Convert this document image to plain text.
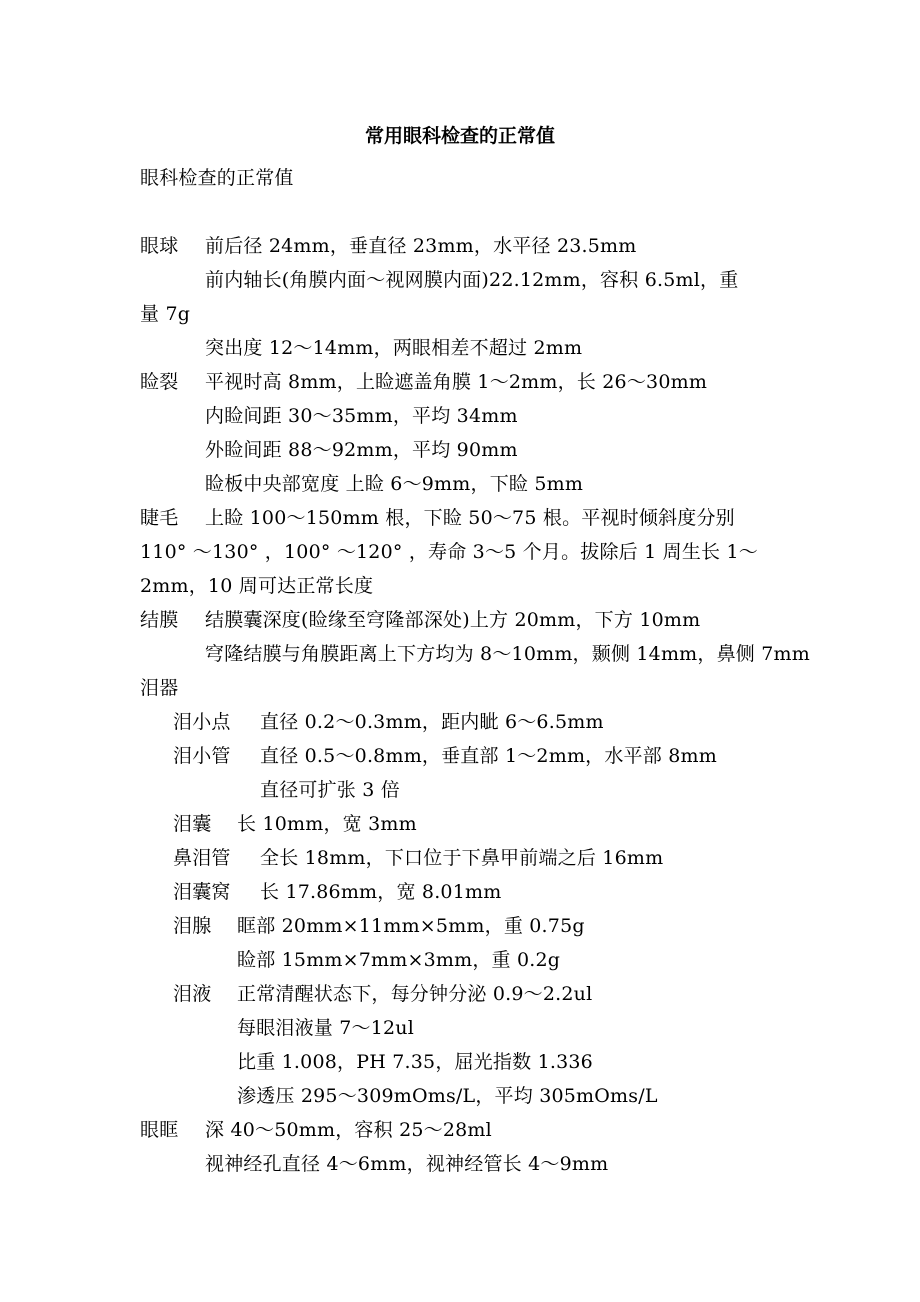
常用眼科检查的正常值
眼科检查的正常值
眼球 前后径 24mm，垂直径 23mm，水平径 23.5mm
前内轴长(角膜内面～视网膜内面)22.12mm，容积 6.5ml，重
量 7g
突出度 12～14mm，两眼相差不超过 2mm
睑裂 平视时高 8mm，上睑遮盖角膜 1～2mm，长 26～30mm
内睑间距 30～35mm，平均 34mm
外睑间距 88～92mm，平均 90mm
睑板中央部宽度 上睑 6～9mm，下睑 5mm
睫毛 上睑 100～150mm 根，下睑 50～75 根。平视时倾斜度分别
110° ～130° ，100° ～120° ，寿命 3～5 个月。拔除后 1 周生长 1～
2mm，10 周可达正常长度
结膜 结膜囊深度(睑缘至穹隆部深处)上方 20mm，下方 10mm
穹隆结膜与角膜距离上下方均为 8～10mm，颞侧 14mm，鼻侧 7mm
泪器
泪小点 直径 0.2～0.3mm，距内眦 6～6.5mm
泪小管 直径 0.5～0.8mm，垂直部 1～2mm，水平部 8mm
直径可扩张 3 倍
泪囊 长 10mm，宽 3mm
鼻泪管 全长 18mm，下口位于下鼻甲前端之后 16mm
泪囊窝 长 17.86mm，宽 8.01mm
泪腺 眶部 20mm×11mm×5mm，重 0.75g
睑部 15mm×7mm×3mm，重 0.2g
泪液 正常清醒状态下，每分钟分泌 0.9～2.2ul
每眼泪液量 7～12ul
比重 1.008，PH 7.35，屈光指数 1.336
渗透压 295～309mOms/L，平均 305mOms/L
眼眶 深 40～50mm，容积 25～28ml
视神经孔直径 4～6mm，视神经管长 4～9mm
